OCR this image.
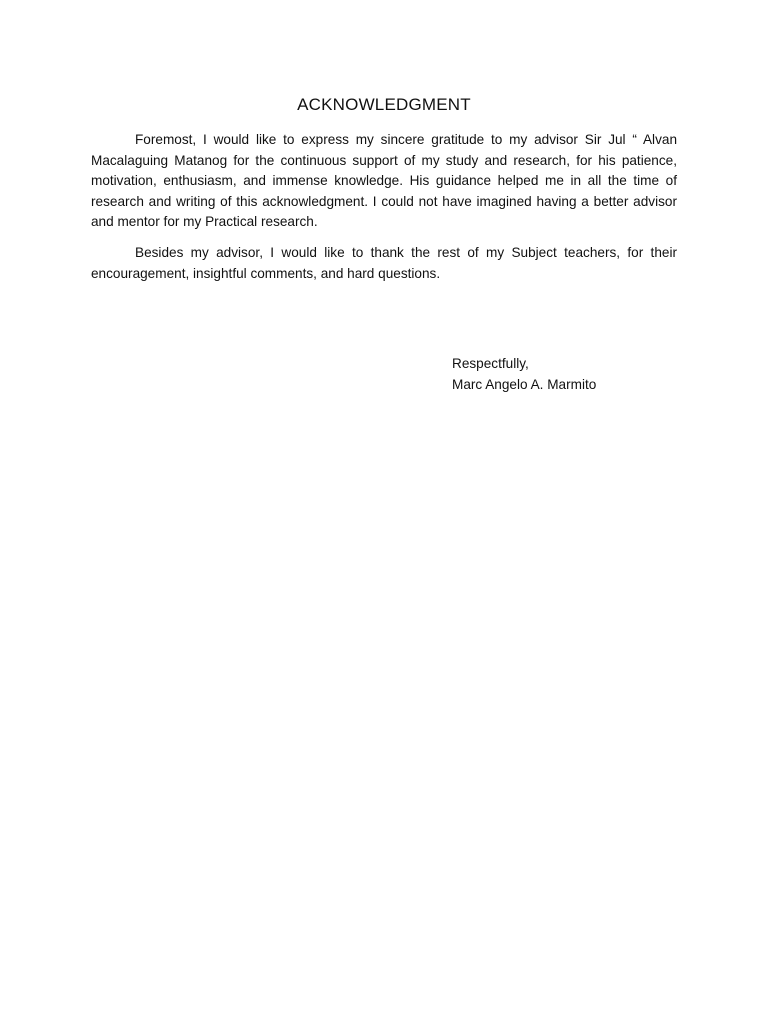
ACKNOWLEDGMENT

Foremost, I would like to express my sincere gratitude to my advisor Sir Jul “ Alvan Macalaguing Matanog for the continuous support of my study and research, for his patience, motivation, enthusiasm, and immense knowledge. His guidance helped me in all the time of research and writing of this acknowledgment. I could not have imagined having a better advisor and mentor for my Practical research.

Besides my advisor, I would like to thank the rest of my Subject teachers, for their encouragement, insightful comments, and hard questions.

Respectfully,
Marc Angelo A. Marmito
